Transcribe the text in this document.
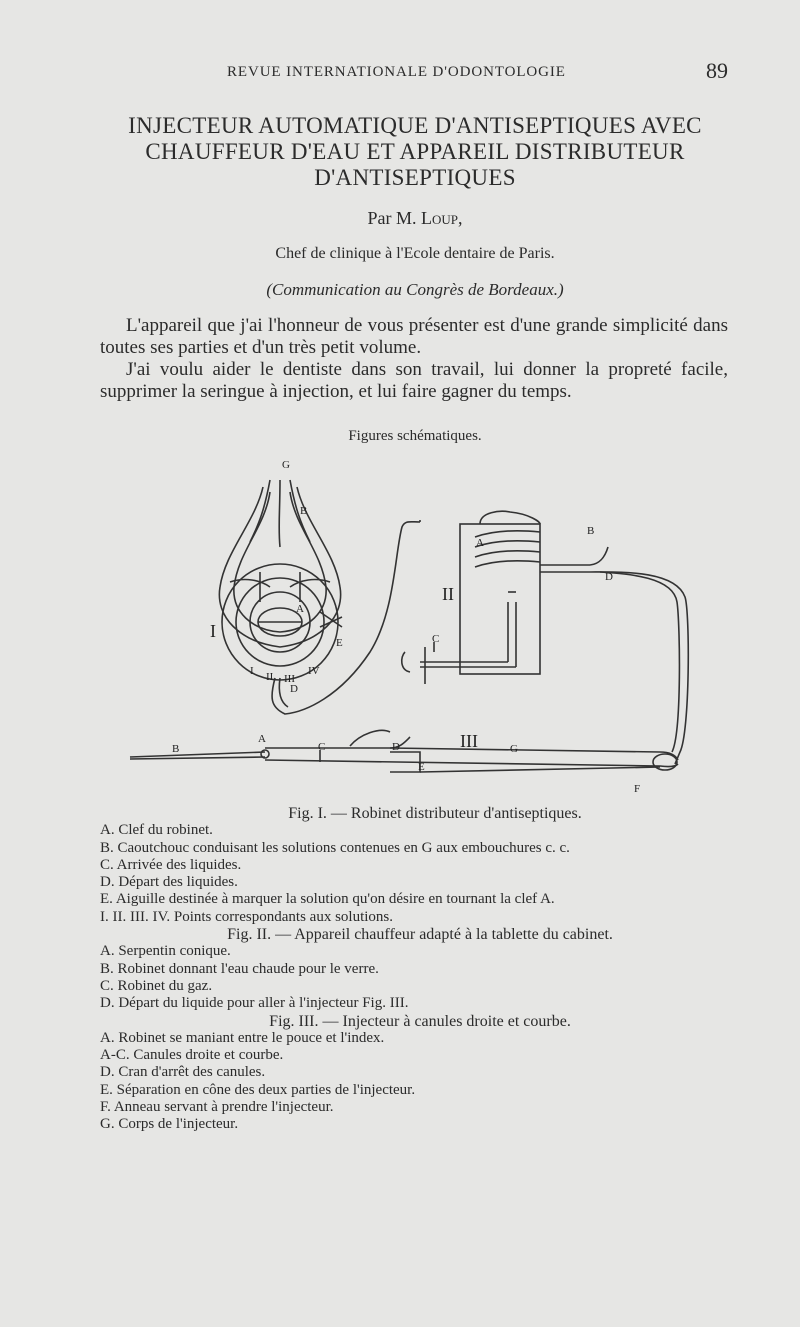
REVUE INTERNATIONALE D'ODONTOLOGIE	89
INJECTEUR AUTOMATIQUE D'ANTISEPTIQUES AVEC
CHAUFFEUR D'EAU ET APPAREIL DISTRIBUTEUR
D'ANTISEPTIQUES
Par M. Loup,
Chef de clinique à l'Ecole dentaire de Paris.
(Communication au Congrès de Bordeaux.)

L'appareil que j'ai l'honneur de vous présenter est d'une grande simplicité dans toutes ses parties et d'un très petit volume.

J'ai voulu aider le dentiste dans son travail, lui donner la propreté facile, supprimer la seringue à injection, et lui faire gagner du temps.

Figures schématiques.
G
B
A
E
D
I
I II III
IV
II
A
C
B
D
B
A
C	D
E
III	G
F
Fig. I. — Robinet distributeur d'antiseptiques.
A. Clef du robinet.
B. Caoutchouc conduisant les solutions contenues en G aux embouchures c. c.
C. Arrivée des liquides.
D. Départ des liquides.
E. Aiguille destinée à marquer la solution qu'on désire en tournant la clef A.
I. II. III. IV. Points correspondants aux solutions.
Fig. II. — Appareil chauffeur adapté à la tablette du cabinet.
A. Serpentin conique.
B. Robinet donnant l'eau chaude pour le verre.
C. Robinet du gaz.
D. Départ du liquide pour aller à l'injecteur Fig. III.
Fig. III. — Injecteur à canules droite et courbe.
A. Robinet se maniant entre le pouce et l'index.
A-C. Canules droite et courbe.
D. Cran d'arrêt des canules.
E. Séparation en cône des deux parties de l'injecteur.
F. Anneau servant à prendre l'injecteur.
G. Corps de l'injecteur.
